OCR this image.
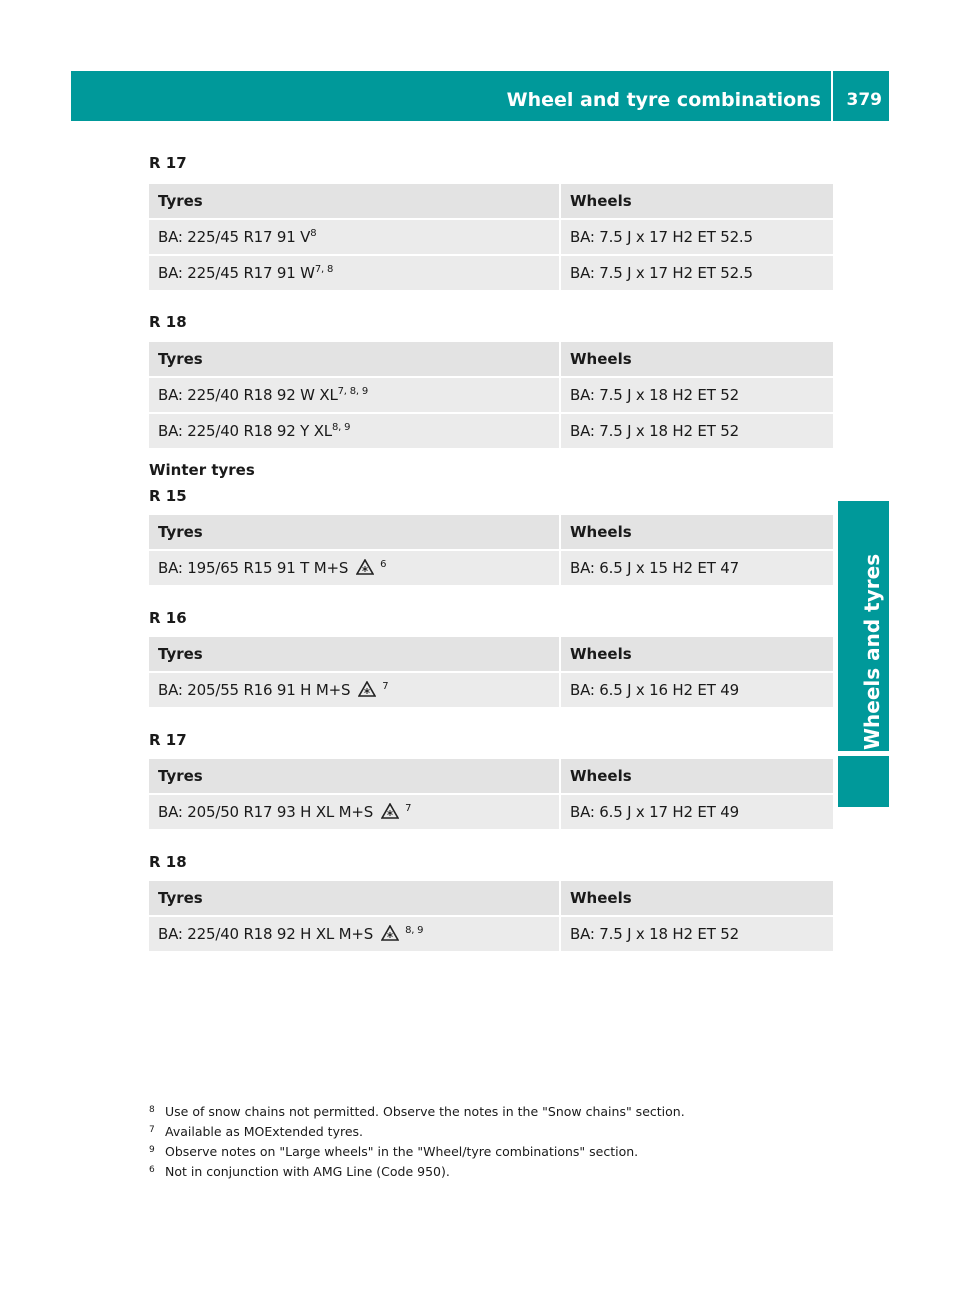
Wheel and tyre combinations 379
Wheels and tyres
R 17
Tyres	Wheels
BA: 225/45 R17 91 $V^8$	BA: 7.5 J x 17 H2 ET 52.5
BA: 225/45 R17 91 W$^{7, 8}$	BA: 7.5 J x 17 H2 ET 52.5
R 18
Tyres	Wheels
BA: 225/40 R18 92 W XL$^{7, 8, 9}$	BA: 7.5 J x 18 H2 ET 52
BA: 225/40 R18 92 Y XL$^{8, 9}$	BA: 7.5 J x 18 H2 ET 52
Winter tyres
R 15
Tyres	Wheels
BA: 195/65 R15 91 T M+S $^6$	BA: 6.5 J x 15 H2 ET 47
R 16
Tyres	Wheels
BA: 205/55 R16 91 H M+S $^7$	BA: 6.5 J x 16 H2 ET 49
R 17
Tyres	Wheels
BA: 205/50 R17 93 H XL M+S $^7$	BA: 6.5 J x 17 H2 ET 49
R 18
Tyres	Wheels
BA: 225/40 R18 92 H XL M+S $^{8, 9}$	BA: 7.5 J x 18 H2 ET 52
8 Use of snow chains not permitted. Observe the notes in the "Snow chains" section.
7 Available as MOExtended tyres.
9 Observe notes on "Large wheels" in the "Wheel/tyre combinations" section.
6 Not in conjunction with AMG Line (Code 950).
